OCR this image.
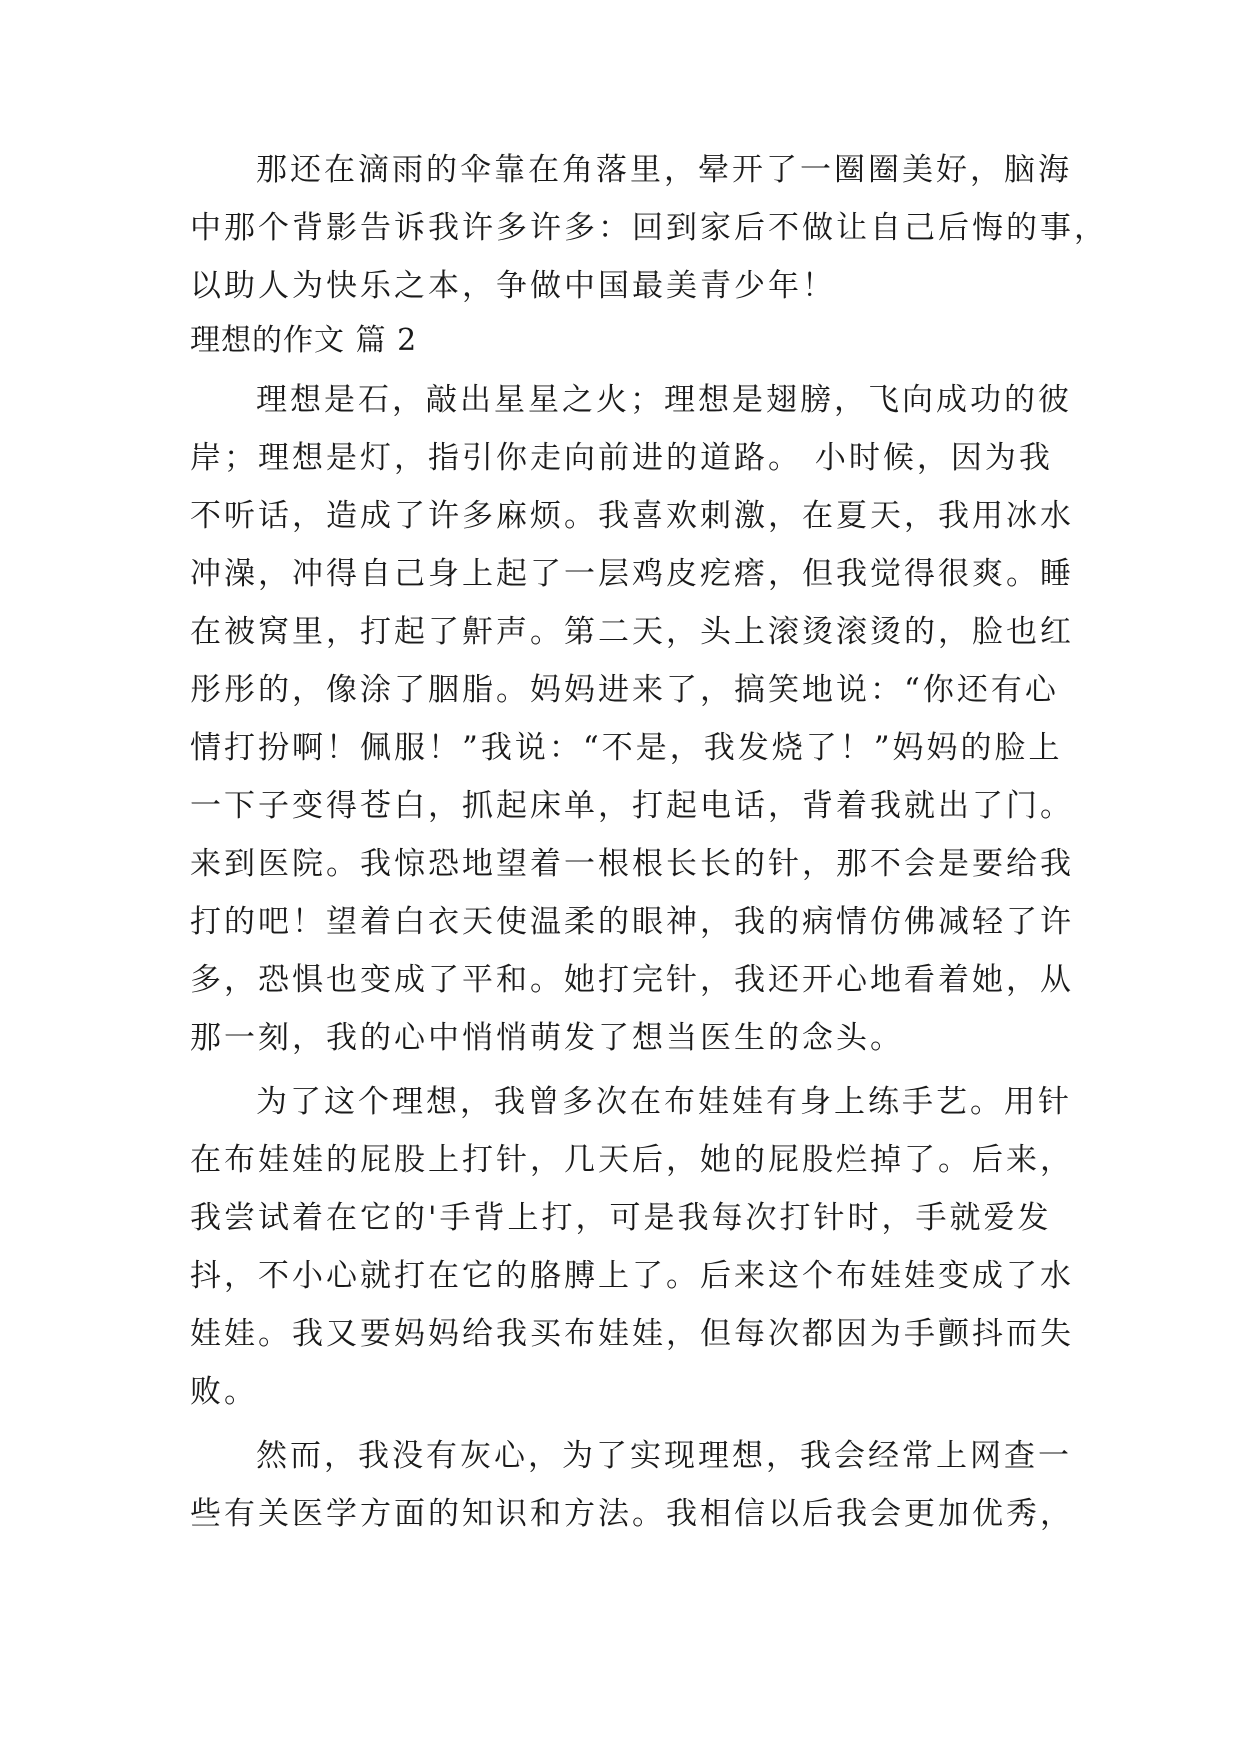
那还在滴雨的伞靠在角落里，晕开了一圈圈美好，脑海
中那个背影告诉我许多许多：回到家后不做让自己后悔的事，
以助人为快乐之本，争做中国最美青少年！
理想的作文 篇 2
理想是石，敲出星星之火；理想是翅膀，飞向成功的彼
岸；理想是灯，指引你走向前进的道路。 小时候，因为我
不听话，造成了许多麻烦。我喜欢刺激，在夏天，我用冰水
冲澡，冲得自己身上起了一层鸡皮疙瘩，但我觉得很爽。睡
在被窝里，打起了鼾声。第二天，头上滚烫滚烫的，脸也红
彤彤的，像涂了胭脂。妈妈进来了，搞笑地说：“你还有心
情打扮啊！佩服！”我说：“不是，我发烧了！”妈妈的脸上
一下子变得苍白，抓起床单，打起电话，背着我就出了门。
来到医院。我惊恐地望着一根根长长的针，那不会是要给我
打的吧！望着白衣天使温柔的眼神，我的病情仿佛减轻了许
多，恐惧也变成了平和。她打完针，我还开心地看着她，从
那一刻，我的心中悄悄萌发了想当医生的念头。
为了这个理想，我曾多次在布娃娃有身上练手艺。用针
在布娃娃的屁股上打针，几天后，她的屁股烂掉了。后来，
我尝试着在它的'手背上打，可是我每次打针时，手就爱发
抖，不小心就打在它的胳膊上了。后来这个布娃娃变成了水
娃娃。我又要妈妈给我买布娃娃，但每次都因为手颤抖而失
败。
然而，我没有灰心，为了实现理想，我会经常上网查一
些有关医学方面的知识和方法。我相信以后我会更加优秀，
